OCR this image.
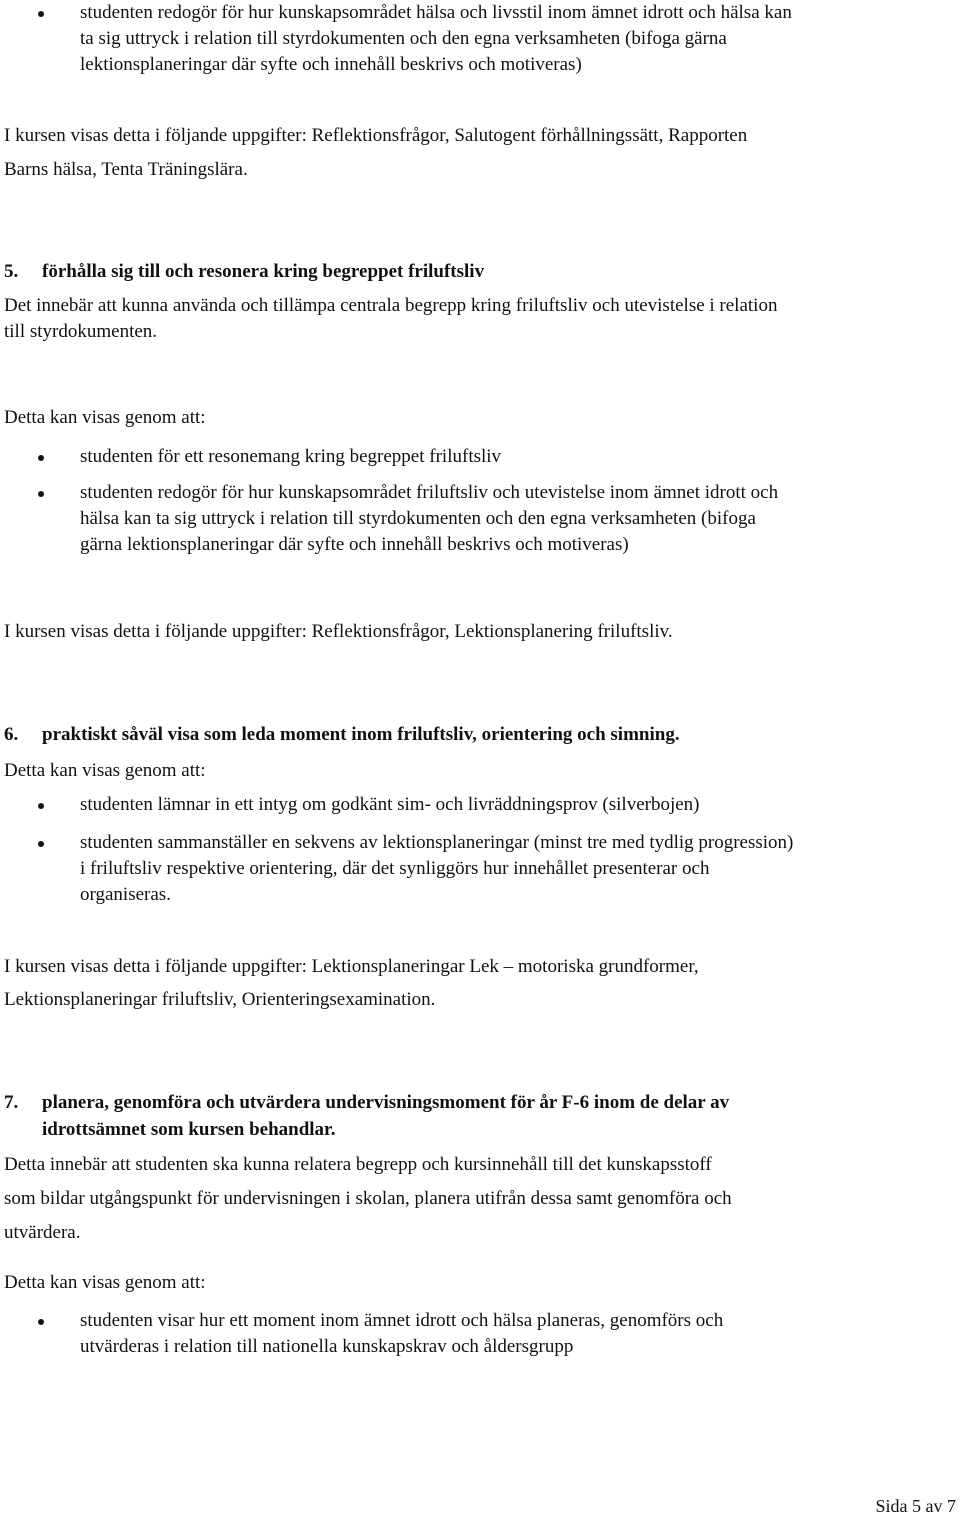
studenten redogör för hur kunskapsområdet hälsa och livsstil inom ämnet idrott och hälsa kan
ta sig uttryck i relation till styrdokumenten och den egna verksamheten (bifoga gärna
lektionsplaneringar där syfte och innehåll beskrivs och motiveras)
I kursen visas detta i följande uppgifter: Reflektionsfrågor, Salutogent förhållningssätt, Rapporten
Barns hälsa, Tenta Träningslära.
5. förhålla sig till och resonera kring begreppet friluftsliv
Det innebär att kunna använda och tillämpa centrala begrepp kring friluftsliv och utevistelse i relation
till styrdokumenten.
Detta kan visas genom att:
studenten för ett resonemang kring begreppet friluftsliv
studenten redogör för hur kunskapsområdet friluftsliv och utevistelse inom ämnet idrott och
hälsa kan ta sig uttryck i relation till styrdokumenten och den egna verksamheten (bifoga
gärna lektionsplaneringar där syfte och innehåll beskrivs och motiveras)
I kursen visas detta i följande uppgifter: Reflektionsfrågor, Lektionsplanering friluftsliv.
6. praktiskt såväl visa som leda moment inom friluftsliv, orientering och simning.
Detta kan visas genom att:
studenten lämnar in ett intyg om godkänt sim- och livräddningsprov (silverbojen)
studenten sammanställer en sekvens av lektionsplaneringar (minst tre med tydlig progression)
i friluftsliv respektive orientering, där det synliggörs hur innehållet presenterar och
organiseras.
I kursen visas detta i följande uppgifter: Lektionsplaneringar Lek – motoriska grundformer,
Lektionsplaneringar friluftsliv, Orienteringsexamination.
7. planera, genomföra och utvärdera undervisningsmoment för år F-6 inom de delar av
idrottsämnet som kursen behandlar.
Detta innebär att studenten ska kunna relatera begrepp och kursinnehåll till det kunskapsstoff
som bildar utgångspunkt för undervisningen i skolan, planera utifrån dessa samt genomföra och
utvärdera.
Detta kan visas genom att:
studenten visar hur ett moment inom ämnet idrott och hälsa planeras, genomförs och
utvärderas i relation till nationella kunskapskrav och åldersgrupp
Sida 5 av 7
